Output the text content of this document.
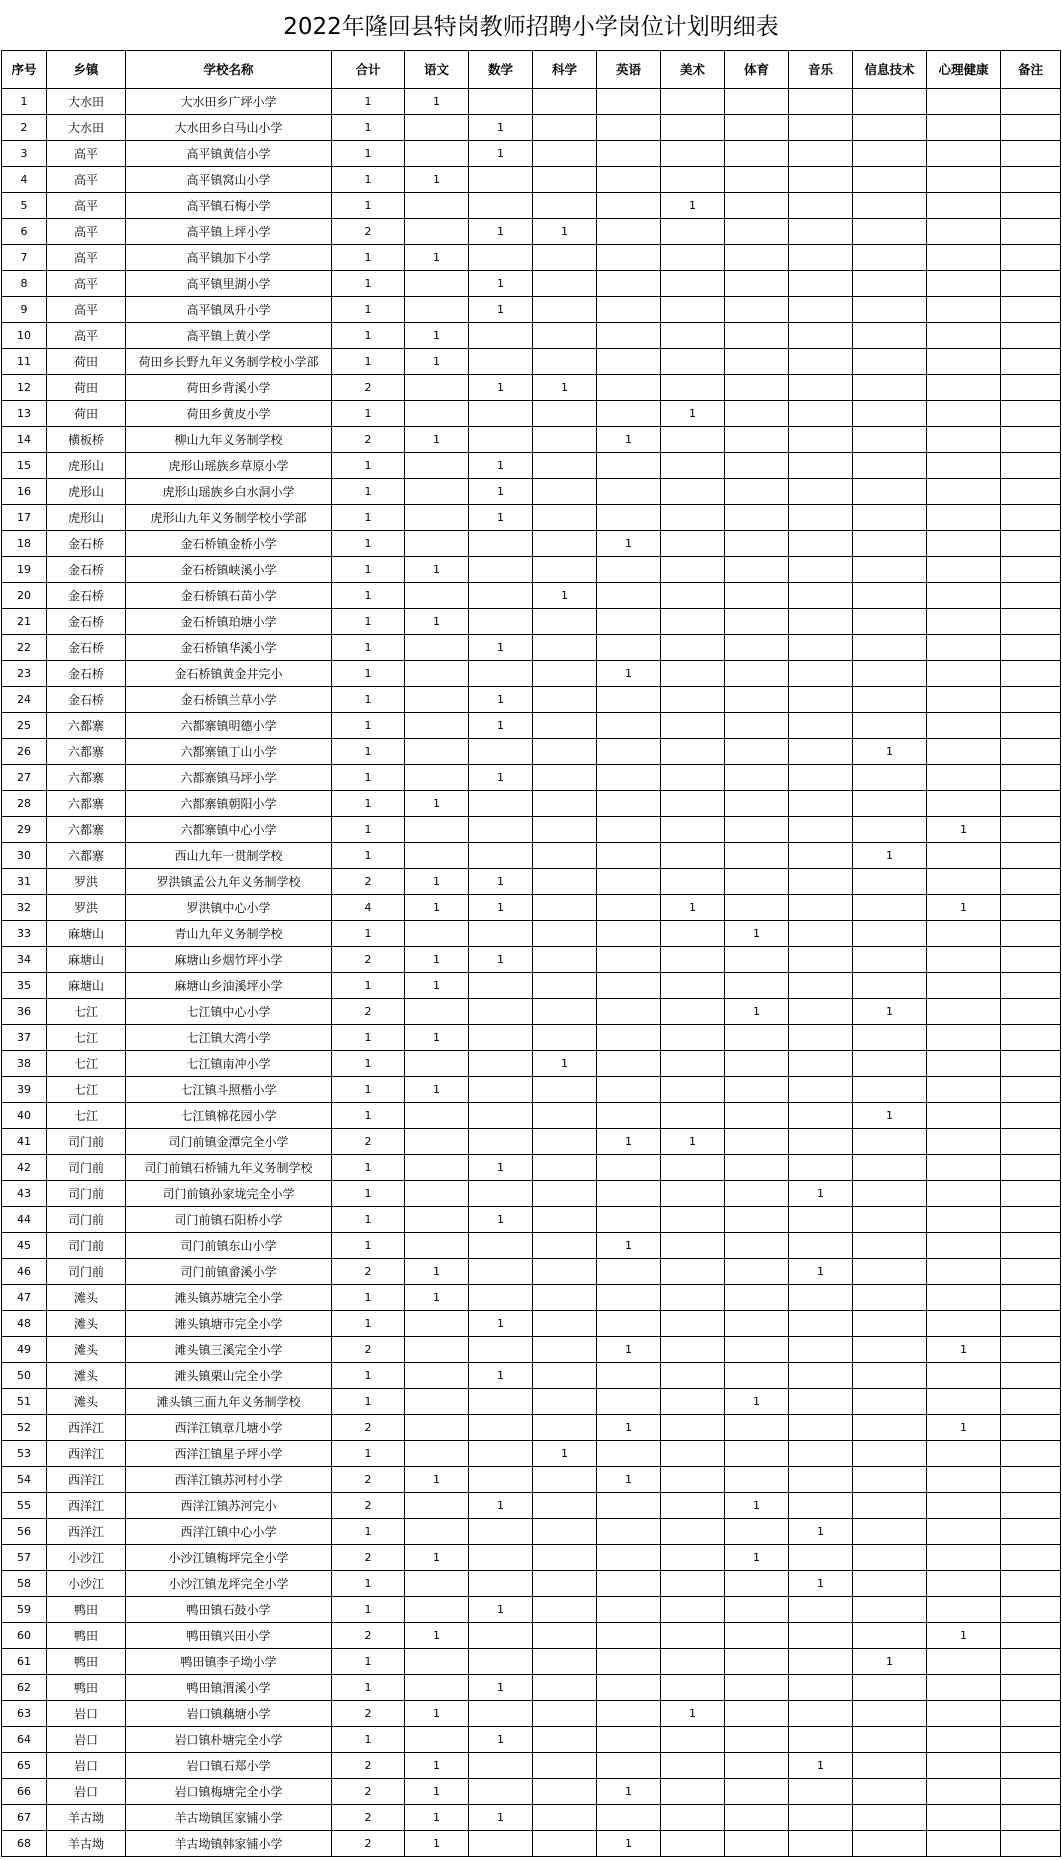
2022年隆回县特岗教师招聘小学岗位计划明细表
序号	乡镇	学校名称	合计	语文	数学	科学	英语	美术	体育	音乐	信息技术	心理健康	备注
1	大水田	大水田乡广坪小学	1	1									
2	大水田	大水田乡白马山小学	1		1								
3	高平	高平镇黄信小学	1		1								
4	高平	高平镇窝山小学	1	1									
5	高平	高平镇石梅小学	1					1					
6	高平	高平镇上坪小学	2		1	1							
7	高平	高平镇加下小学	1	1									
8	高平	高平镇里湖小学	1		1								
9	高平	高平镇凤升小学	1		1								
10	高平	高平镇上黄小学	1	1									
11	荷田	荷田乡长野九年义务制学校小学部	1	1									
12	荷田	荷田乡背溪小学	2		1	1							
13	荷田	荷田乡黄皮小学	1					1					
14	横板桥	柳山九年义务制学校	2	1			1						
15	虎形山	虎形山瑶族乡草原小学	1		1								
16	虎形山	虎形山瑶族乡白水洞小学	1		1								
17	虎形山	虎形山九年义务制学校小学部	1		1								
18	金石桥	金石桥镇金桥小学	1				1						
19	金石桥	金石桥镇峡溪小学	1	1									
20	金石桥	金石桥镇石苗小学	1			1							
21	金石桥	金石桥镇珀塘小学	1	1									
22	金石桥	金石桥镇华溪小学	1		1								
23	金石桥	金石桥镇黄金井完小	1				1						
24	金石桥	金石桥镇兰草小学	1		1								
25	六都寨	六都寨镇明德小学	1		1								
26	六都寨	六都寨镇丁山小学	1								1		
27	六都寨	六都寨镇马坪小学	1		1								
28	六都寨	六都寨镇朝阳小学	1	1									
29	六都寨	六都寨镇中心小学	1									1	
30	六都寨	西山九年一贯制学校	1								1		
31	罗洪	罗洪镇孟公九年义务制学校	2	1	1								
32	罗洪	罗洪镇中心小学	4	1	1			1				1	
33	麻塘山	青山九年义务制学校	1						1				
34	麻塘山	麻塘山乡烟竹坪小学	2	1	1								
35	麻塘山	麻塘山乡油溪坪小学	1	1									
36	七江	七江镇中心小学	2						1		1		
37	七江	七江镇大湾小学	1	1									
38	七江	七江镇南冲小学	1			1							
39	七江	七江镇斗照楷小学	1	1									
40	七江	七江镇棉花园小学	1								1		
41	司门前	司门前镇金潭完全小学	2				1	1					
42	司门前	司门前镇石桥铺九年义务制学校	1		1								
43	司门前	司门前镇孙家垅完全小学	1							1			
44	司门前	司门前镇石阳桥小学	1		1								
45	司门前	司门前镇东山小学	1				1						
46	司门前	司门前镇畲溪小学	2	1						1			
47	滩头	滩头镇苏塘完全小学	1	1									
48	滩头	滩头镇塘市完全小学	1		1								
49	滩头	滩头镇三溪完全小学	2				1					1	
50	滩头	滩头镇栗山完全小学	1		1								
51	滩头	滩头镇三面九年义务制学校	1						1				
52	西洋江	西洋江镇章几塘小学	2				1					1	
53	西洋江	西洋江镇星子坪小学	1			1							
54	西洋江	西洋江镇苏河村小学	2	1			1						
55	西洋江	西洋江镇苏河完小	2		1				1				
56	西洋江	西洋江镇中心小学	1							1			
57	小沙江	小沙江镇梅坪完全小学	2	1					1				
58	小沙江	小沙江镇龙坪完全小学	1							1			
59	鸭田	鸭田镇石鼓小学	1		1								
60	鸭田	鸭田镇兴田小学	2	1								1	
61	鸭田	鸭田镇李子坳小学	1								1		
62	鸭田	鸭田镇渭溪小学	1		1								
63	岩口	岩口镇藕塘小学	2	1				1					
64	岩口	岩口镇朴塘完全小学	1		1								
65	岩口	岩口镇石郑小学	2	1						1			
66	岩口	岩口镇梅塘完全小学	2	1			1						
67	羊古坳	羊古坳镇匡家铺小学	2	1	1								
68	羊古坳	羊古坳镇韩家铺小学	2	1			1						
